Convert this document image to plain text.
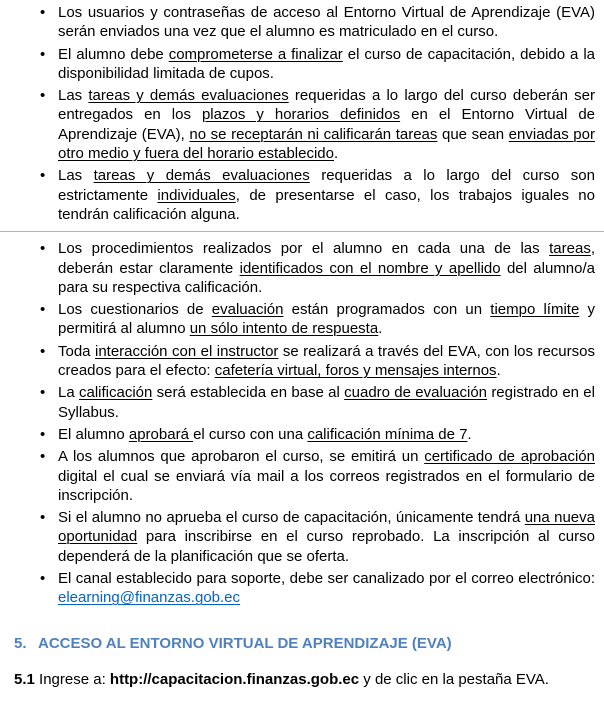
• Los usuarios y contraseñas de acceso al Entorno Virtual de Aprendizaje (EVA) serán enviados una vez que el alumno es matriculado en el curso.
• El alumno debe comprometerse a finalizar el curso de capacitación, debido a la disponibilidad limitada de cupos.
• Las tareas y demás evaluaciones requeridas a lo largo del curso deberán ser entregados en los plazos y horarios definidos en el Entorno Virtual de Aprendizaje (EVA), no se receptarán ni calificarán tareas que sean enviadas por otro medio y fuera del horario establecido.
• Las tareas y demás evaluaciones requeridas a lo largo del curso son estrictamente individuales, de presentarse el caso, los trabajos iguales no tendrán calificación alguna.
• Los procedimientos realizados por el alumno en cada una de las tareas, deberán estar claramente identificados con el nombre y apellido del alumno/a para su respectiva calificación.
• Los cuestionarios de evaluación están programados con un tiempo límite y permitirá al alumno un sólo intento de respuesta.
• Toda interacción con el instructor se realizará a través del EVA, con los recursos creados para el efecto: cafetería virtual, foros y mensajes internos.
• La calificación será establecida en base al cuadro de evaluación registrado en el Syllabus.
• El alumno aprobará el curso con una calificación mínima de 7.
• A los alumnos que aprobaron el curso, se emitirá un certificado de aprobación digital el cual se enviará vía mail a los correos registrados en el formulario de inscripción.
• Si el alumno no aprueba el curso de capacitación, únicamente tendrá una nueva oportunidad para inscribirse en el curso reprobado. La inscripción al curso dependerá de la planificación que se oferta.
• El canal establecido para soporte, debe ser canalizado por el correo electrónico: elearning@finanzas.gob.ec
5. ACCESO AL ENTORNO VIRTUAL DE APRENDIZAJE (EVA)

5.1 Ingrese a: http://capacitacion.finanzas.gob.ec y de clic en la pestaña EVA.
